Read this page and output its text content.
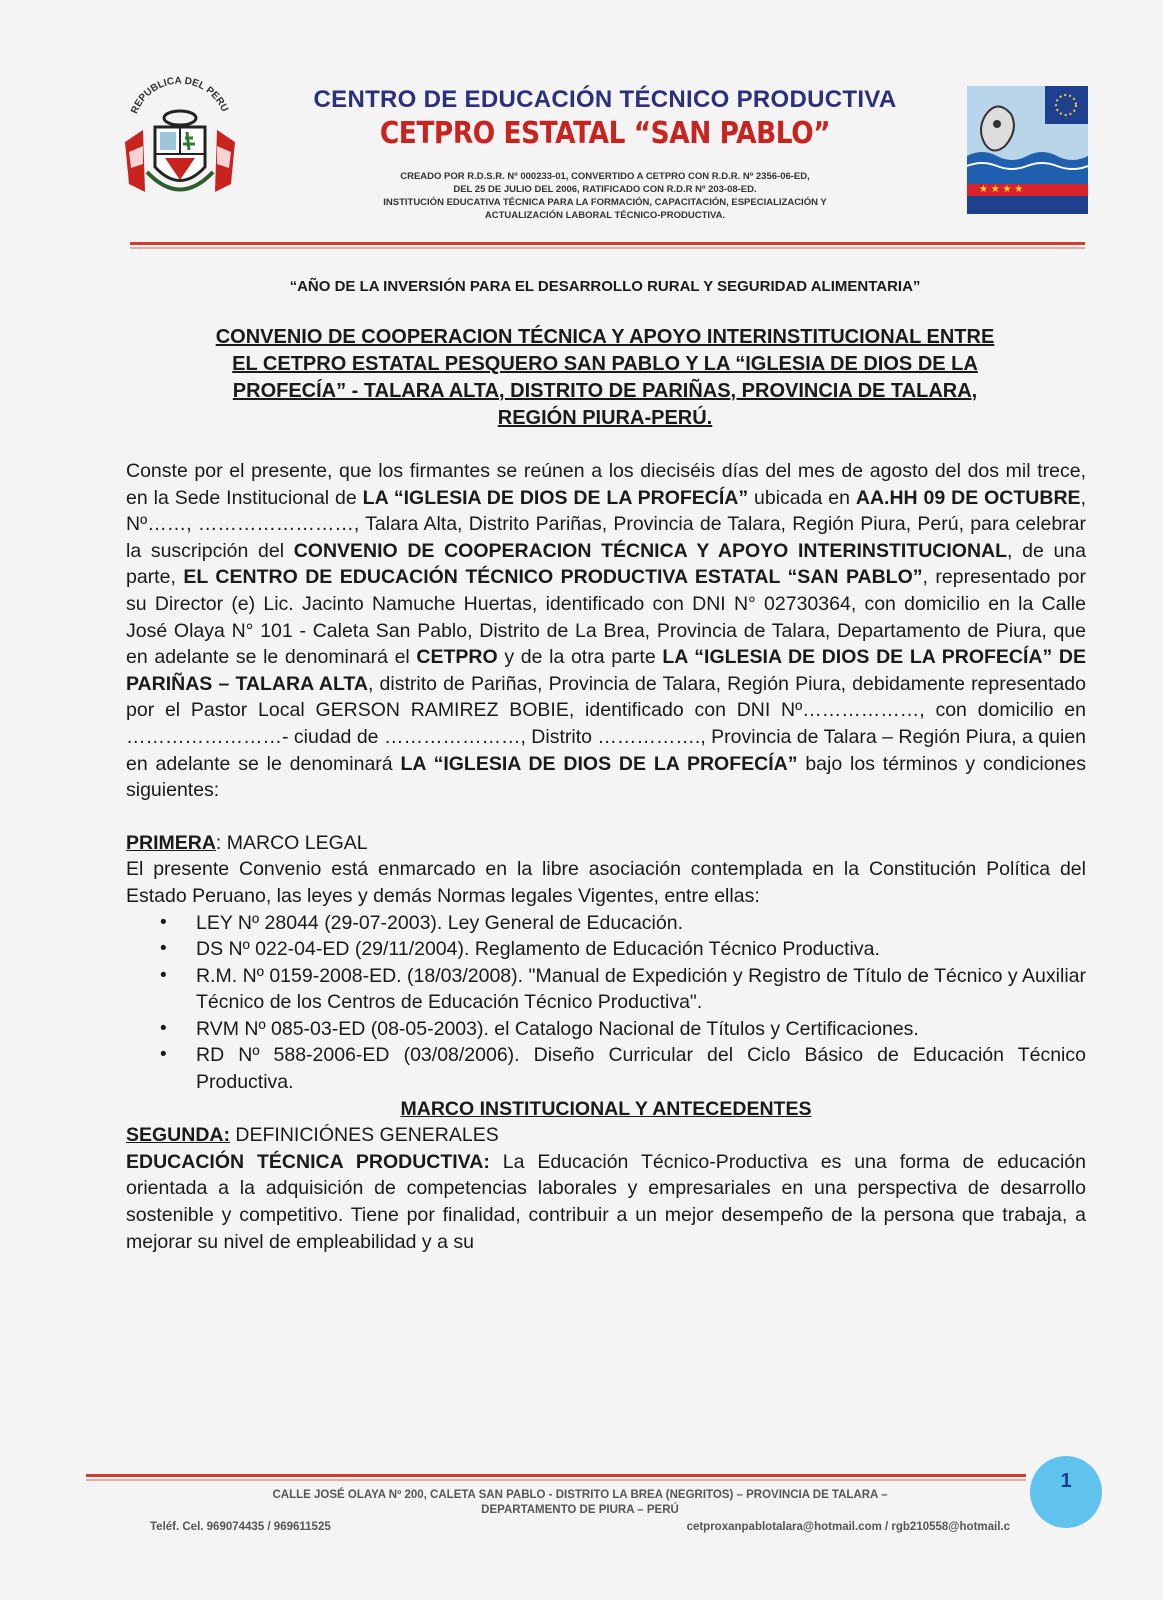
REPUBLICA DEL PERU	CENTRO DE EDUCACIÓN TÉCNICO PRODUCTIVA
CETPRO ESTATAL “SAN PABLO”
CREADO POR R.D.S.R. Nº 000233-01, CONVERTIDO A CETPRO CON R.D.R. Nº 2356-06-ED,
DEL 25 DE JULIO DEL 2006, RATIFICADO CON R.D.R Nº 203-08-ED.
INSTITUCIÓN EDUCATIVA TÉCNICA PARA LA FORMACIÓN, CAPACITACIÓN, ESPECIALIZACIÓN Y
ACTUALIZACIÓN LABORAL TÉCNICO-PRODUCTIVA.
★ ★ ★ ★
“AÑO DE LA INVERSIÓN PARA EL DESARROLLO RURAL Y SEGURIDAD ALIMENTARIA”
CONVENIO DE COOPERACION TÉCNICA Y APOYO INTERINSTITUCIONAL ENTRE
EL CETPRO ESTATAL PESQUERO SAN PABLO Y LA “IGLESIA DE DIOS DE LA
PROFECÍA” - TALARA ALTA, DISTRITO DE PARIÑAS, PROVINCIA DE TALARA,
REGIÓN PIURA-PERÚ.

Conste por el presente, que los firmantes se reúnen a los dieciséis días del mes de agosto del dos mil trece, en la Sede Institucional de LA “IGLESIA DE DIOS DE LA PROFECÍA” ubicada en AA.HH 09 DE OCTUBRE, Nº……, ……………………, Talara Alta, Distrito Pariñas, Provincia de Talara, Región Piura, Perú, para celebrar la suscripción del CONVENIO DE COOPERACION TÉCNICA Y APOYO INTERINSTITUCIONAL, de una parte, EL CENTRO DE EDUCACIÓN TÉCNICO PRODUCTIVA ESTATAL “SAN PABLO”, representado por su Director (e) Lic. Jacinto Namuche Huertas, identificado con DNI N° 02730364, con domicilio en la Calle José Olaya N° 101 - Caleta San Pablo, Distrito de La Brea, Provincia de Talara, Departamento de Piura, que en adelante se le denominará el CETPRO y de la otra parte LA “IGLESIA DE DIOS DE LA PROFECÍA” DE PARIÑAS – TALARA ALTA, distrito de Pariñas, Provincia de Talara, Región Piura, debidamente representado por el Pastor Local GERSON RAMIREZ BOBIE, identificado con DNI Nº………………, con domicilio en ……………………- ciudad de …………………, Distrito ……………., Provincia de Talara – Región Piura, a quien en adelante se le denominará LA “IGLESIA DE DIOS DE LA PROFECÍA” bajo los términos y condiciones siguientes:

PRIMERA: MARCO LEGAL

El presente Convenio está enmarcado en la libre asociación contemplada en la Constitución Política del Estado Peruano, las leyes y demás Normas legales Vigentes, entre ellas:

• LEY Nº 28044 (29-07-2003). Ley General de Educación.
• DS Nº 022-04-ED (29/11/2004). Reglamento de Educación Técnico Productiva.
• R.M. Nº 0159-2008-ED. (18/03/2008). "Manual de Expedición y Registro de Título de Técnico y Auxiliar Técnico de los Centros de Educación Técnico Productiva".
• RVM Nº 085-03-ED (08-05-2003). el Catalogo Nacional de Títulos y Certificaciones.
• RD Nº 588-2006-ED (03/08/2006). Diseño Curricular del Ciclo Básico de Educación Técnico Productiva.

MARCO INSTITUCIONAL Y ANTECEDENTES

SEGUNDA: DEFINICIÓNES GENERALES

EDUCACIÓN TÉCNICA PRODUCTIVA: La Educación Técnico-Productiva es una forma de educación orientada a la adquisición de competencias laborales y empresariales en una perspectiva de desarrollo sostenible y competitivo. Tiene por finalidad, contribuir a un mejor desempeño de la persona que trabaja, a mejorar su nivel de empleabilidad y a su

CALLE JOSÉ OLAYA Nº 200, CALETA SAN PABLO - DISTRITO LA BREA (NEGRITOS) – PROVINCIA DE TALARA –
DEPARTAMENTO DE PIURA – PERÚ
Teléf. Cel. 969074435 / 969611525	cetproxanpablotalara@hotmail.com / rgb210558@hotmail.c
1
